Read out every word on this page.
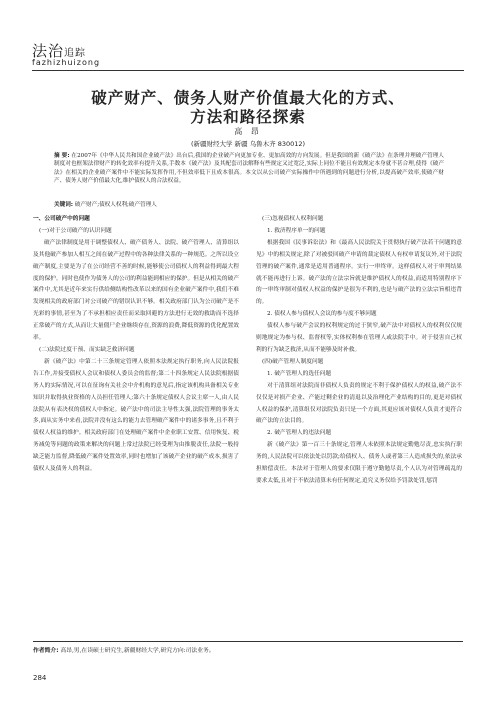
法治追踪
fazhizhuizong
破产财产、债务人财产价值最大化的方式、
方法和路径探索
高 昂
(新疆财经大学 新疆 乌鲁木齐 830012)
摘 要: 在2007年《中华人民共和国企业破产法》出台后,我国的企业破产向更加专业、更加高效的方向发展。但是我国的新《破产法》在条理并理破产管理人制度对也框架法律财产的转化效率有提升关系,手数本《破产法》及其配套司法解释有些规定又过宽泛,实际上同位不能且有效规定本身就不甚合理,使得《破产法》在相关的企业破产案件中不能实际发挥作用,不但效率低下且成本很高。本文以从公司破产实际操作中所遇到的问题进行分析,以提高破产效率,使破产财产、债务人财产价值最大化,维护债权人的合法权益。
关键词: 破产财产;债权人权利;破产管理人

一、公司破产中的问题

(一)对于公司破产的认识问题

破产法律制度是用于调整债权人、破产债务人、法院、破产管理人、清算组以及其他破产参加人相互之间在破产过程中的各种法律关系的一种规范。之所以设立破产制度,主要是为了在公司经营不善的时候,能够使公司债权人的利益得到最大程度的保护。同时也使作为债务人的公司的利益能到相应的保护。但是从相关的破产案件中,尤其是近年来实行供给侧结构性改革以来的国有企业破产案件中,我们不难发现相关的政府部门对公司破产的错误认识不够。相关政府部门认为公司破产是不光彩的事情,甚至为了不承担相应责任而采取回避的方法进行无效的救助而不选择正常破产的方式,从而让大量僵尸企业继续存在,资源的浪费,降低资源的优化配置效率。

(二)法院过度干预、而实缺乏救济问题

新《破产法》中第二十三条规定管理人依照本法规定执行职务,向人民法院报告工作,并接受债权人会议和债权人委员会的监督;第二十四条规定人民法院根据债务人的实际情况,可以在征询有关社会中介机构的意见后,指定该机构具备相关专业知识并取得执业资格的人员担任管理人;第六十条规定债权人会议主席一人,由人民法院从有表决权的债权人中指定。破产法中的司法主导性太强,法院管理的事务太多,面从实务中来看,法院并没有这么的能力去管理破产案件中的诸多事务,且不利于债权人权益的维护。相关政府部门在处理破产案件中企业职工安置、信用恢复、税务减免等问题的政策来解决的问题上常过法院已经受理为由推脱责任,法院一般持缺乏能力监督,降低破产案件处置效率,同时也增加了该破产企业的破产成本,损害了债权人及债务人的利益。

(三)忽视债权人权利问题

1. 救济程序单一的问题

根据我国《民事诉讼法》和《最高人民法院关于贯彻执行破产法若干问题的意见》中的相关规定,除了对被驳回破产申请的裁定债权人有权申请复议外,对于法院管理的破产案件,通常是适用普通程序。实行一审终审。这样债权人对于审判结果就不能再进行上诉。破产法的立法宗旨就是维护债权人的权益,而适用特别程序下的一审终审制对债权人权益的保护是很为不利的,也是与破产法的立法宗旨相违背的。

2. 债权人参与债权人会议的参与度不够问题

债权人参与破产会议的权利规定的过于狭窄,破产法中对债权人的权利仅仅规则地规定为参与权、监督权等,实体权利参在管理人或法院手中。对于侵害自己权利的行为缺乏救济,从而不能够及时补救。

(四)破产管理人制度问题

1. 破产管理人的选任问题

对于清算组对法院而非债权人负责的规定不利于保护债权人的权益,破产法不仅仅是对损产企业、产能过剩企业的清退以及治理化产业结构的目的,更是对债权人权益的保护,清算组仅对法院负责只是一个方面,其更应该对债权人负责才更符合破产法的立法目的。

2. 破产管理人的违法问题

新《破产法》第一百三十条规定,管理人未依照本法规定勤勉尽责,忠实执行职务的,人民法院可以依法处以罚款;给债权人、债务人或者第三人造成损失的,依法承担赔偿责任。本法对于管理人的要求仅限于遵守勤勉尽责,个人认为对管理疏乱的要求太低,且对于不依法清算未有任何规定,追究义务仅给予罚款处罚,惩罚

作者简介: 高昂,男,在读硕士研究生,新疆财经大学,研究方向:司法业务。
284
